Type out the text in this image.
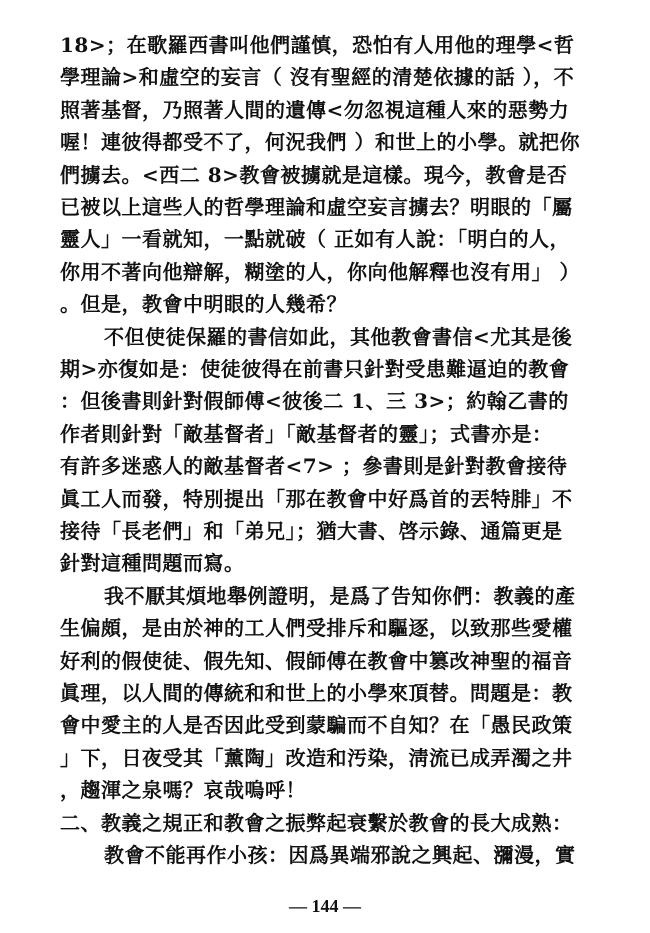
18>；在歌羅西書叫他們謹慎，恐怕有人用他的理學<哲
學理論>和虛空的妄言（ 沒有聖經的清楚依據的話 ），不
照著基督，乃照著人間的遺傳<勿忽視這種人來的惡勢力
喔！連彼得都受不了，何況我們 ）和世上的小學。就把你
們擄去。<西二 8>教會被擄就是這樣。現今，教會是否
已被以上這些人的哲學理論和虛空妄言擄去？明眼的「屬
靈人」一看就知，一點就破（ 正如有人說：「明白的人，
你用不著向他辯解，糊塗的人，你向他解釋也沒有用」 ）
。但是，教會中明眼的人幾希？
不但使徒保羅的書信如此，其他教會書信<尤其是後
期>亦復如是：使徒彼得在前書只針對受患難逼迫的教會
：但後書則針對假師傅<彼後二 1、三 3>；約翰乙書的
作者則針對「敵基督者」「敵基督者的靈」；式書亦是：
有許多迷惑人的敵基督者<7> ；參書則是針對教會接待
眞工人而發，特別提出「那在教會中好爲首的丟特腓」不
接待「長老們」和「弟兄」；猶大書、啓示錄、通篇更是
針對這種問題而寫。
我不厭其煩地舉例證明，是爲了告知你們：教義的產
生偏頗，是由於神的工人們受排斥和驅逐，以致那些愛權
好利的假使徒、假先知、假師傅在教會中篡改神聖的福音
眞理，以人間的傳統和和世上的小學來頂替。問題是：教
會中愛主的人是否因此受到蒙騙而不自知？在「愚民政策
」下，日夜受其「薰陶」改造和汚染，淸流已成弄濁之井
，趨渾之泉嗎？哀哉嗚呼！
二、教義之規正和教會之振弊起衰繫於教會的長大成熟：
教會不能再作小孩：因爲異端邪說之興起、瀰漫，實
— 144 —
